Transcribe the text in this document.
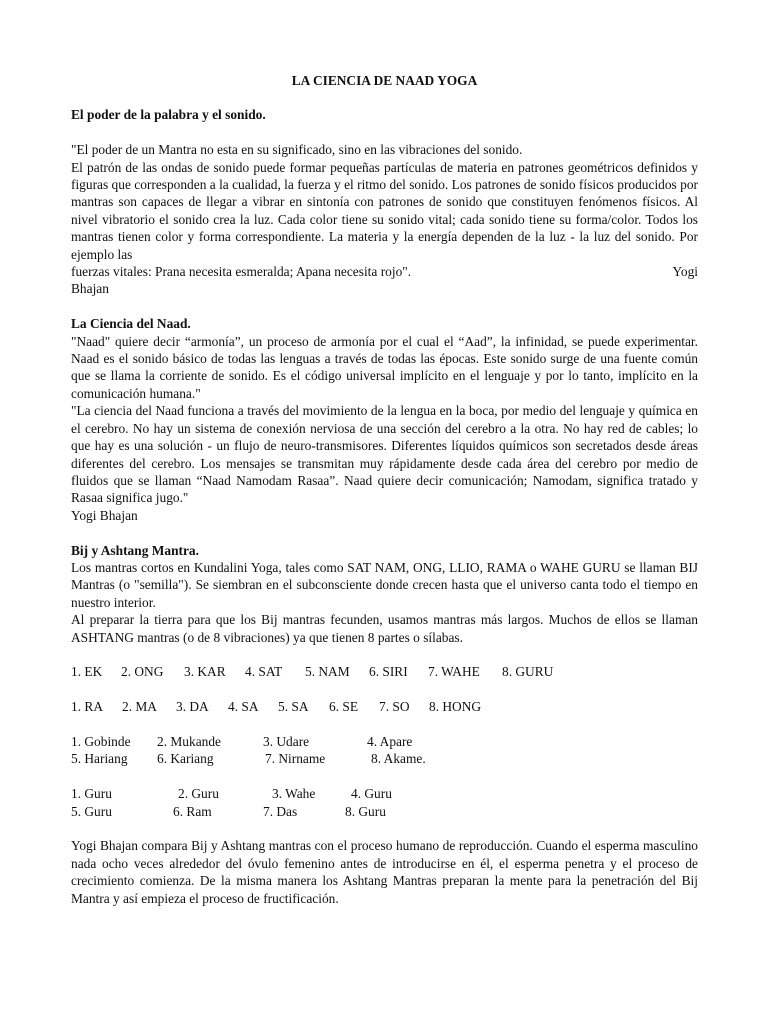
LA CIENCIA DE NAAD YOGA
El poder de la palabra y el sonido.

"El poder de un Mantra no esta en su significado, sino en las vibraciones del sonido.

El patrón de las ondas de sonido puede formar pequeñas partículas de materia en patrones geométricos definidos y figuras que corresponden a la cualidad, la fuerza y el ritmo del sonido. Los patrones de sonido físicos producidos por mantras son capaces de llegar a vibrar en sintonía con patrones de sonido que constituyen fenómenos físicos. Al nivel vibratorio el sonido crea la luz. Cada color tiene su sonido vital; cada sonido tiene su forma/color. Todos los mantras tienen color y forma correspondiente. La materia y la energía dependen de la luz - la luz del sonido. Por ejemplo las

fuerzas vitales: Prana necesita esmeralda; Apana necesita rojo".	Yogi

Bhajan

La Ciencia del Naad.

"Naad" quiere decir “armonía”, un proceso de armonía por el cual el “Aad”, la infinidad, se puede experimentar. Naad es el sonido básico de todas las lenguas a través de todas las épocas. Este sonido surge de una fuente común que se llama la corriente de sonido. Es el código universal implícito en el lenguaje y por lo tanto, implícito en la comunicación humana."

"La ciencia del Naad funciona a través del movimiento de la lengua en la boca, por medio del lenguaje y química en el cerebro. No hay un sistema de conexión nerviosa de una sección del cerebro a la otra. No hay red de cables; lo que hay es una solución - un flujo de neuro-transmisores. Diferentes líquidos químicos son secretados desde áreas diferentes del cerebro. Los mensajes se transmitan muy rápidamente desde cada área del cerebro por medio de fluidos que se llaman “Naad Namodam Rasaa”. Naad quiere decir comunicación; Namodam, significa tratado y Rasaa significa jugo."

Yogi Bhajan

Bij y Ashtang Mantra.

Los mantras cortos en Kundalini Yoga, tales como SAT NAM, ONG, LLIO, RAMA o WAHE GURU se llaman BIJ Mantras (o "semilla"). Se siembran en el subconsciente donde crecen hasta que el universo canta todo el tiempo en nuestro interior.

Al preparar la tierra para que los Bij mantras fecunden, usamos mantras más largos. Muchos de ellos se llaman ASHTANG mantras (o de 8 vibraciones) ya que tienen 8 partes o sílabas.

1. EK	2. ONG	3. KAR	4. SAT	5. NAM	6. SIRI	7. WAHE	8. GURU
1. RA	2. MA	3. DA	4. SA	5. SA	6. SE	7. SO	8. HONG
1. Gobinde	2. Mukande	3. Udare	4. Apare
5. Hariang	6. Kariang	7. Nirname	8. Akame.
1. Guru	2. Guru	3. Wahe	4. Guru
5. Guru	6. Ram	7. Das	8. Guru

Yogi Bhajan compara Bij y Ashtang mantras con el proceso humano de reproducción. Cuando el esperma masculino nada ocho veces alrededor del óvulo femenino antes de introducirse en él, el esperma penetra y el proceso de crecimiento comienza. De la misma manera los Ashtang Mantras preparan la mente para la penetración del Bij Mantra y así empieza el proceso de fructificación.
